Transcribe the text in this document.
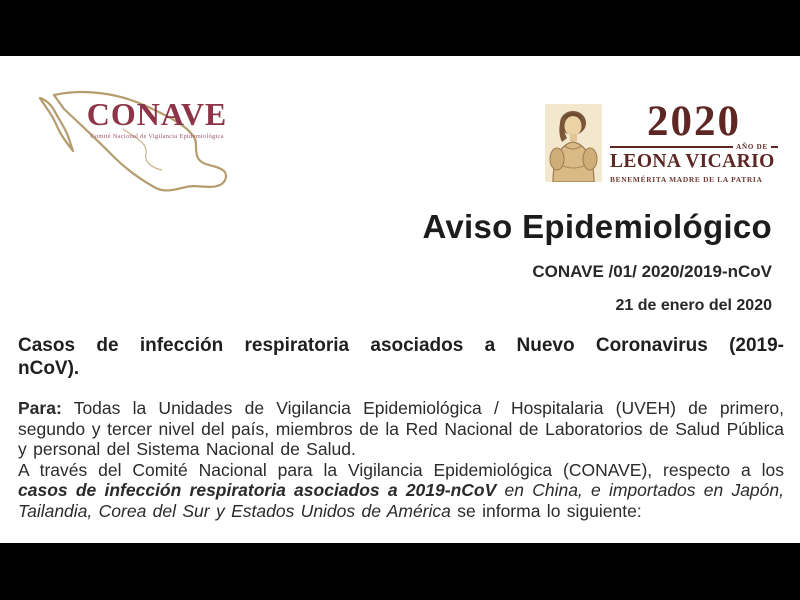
CONAVE
Comité Nacional de Vigilancia Epidemiológica	2020
AÑO DE
LEONA VICARIO
BENEMÉRITA MADRE DE LA PATRIA
Aviso Epidemiológico
CONAVE /01/ 2020/2019-nCoV
21 de enero del 2020

Casos de infección respiratoria asociados a Nuevo Coronavirus (2019-
nCoV).

Para: Todas la Unidades de Vigilancia Epidemiológica / Hospitalaria (UVEH) de primero, segundo y tercer nivel del país, miembros de la Red Nacional de Laboratorios de Salud Pública y personal del Sistema Nacional de Salud.

A través del Comité Nacional para la Vigilancia Epidemiológica (CONAVE), respecto a los casos de infección respiratoria asociados a 2019-nCoV en China, e importados en Japón, Tailandia, Corea del Sur y Estados Unidos de América se informa lo siguiente:
